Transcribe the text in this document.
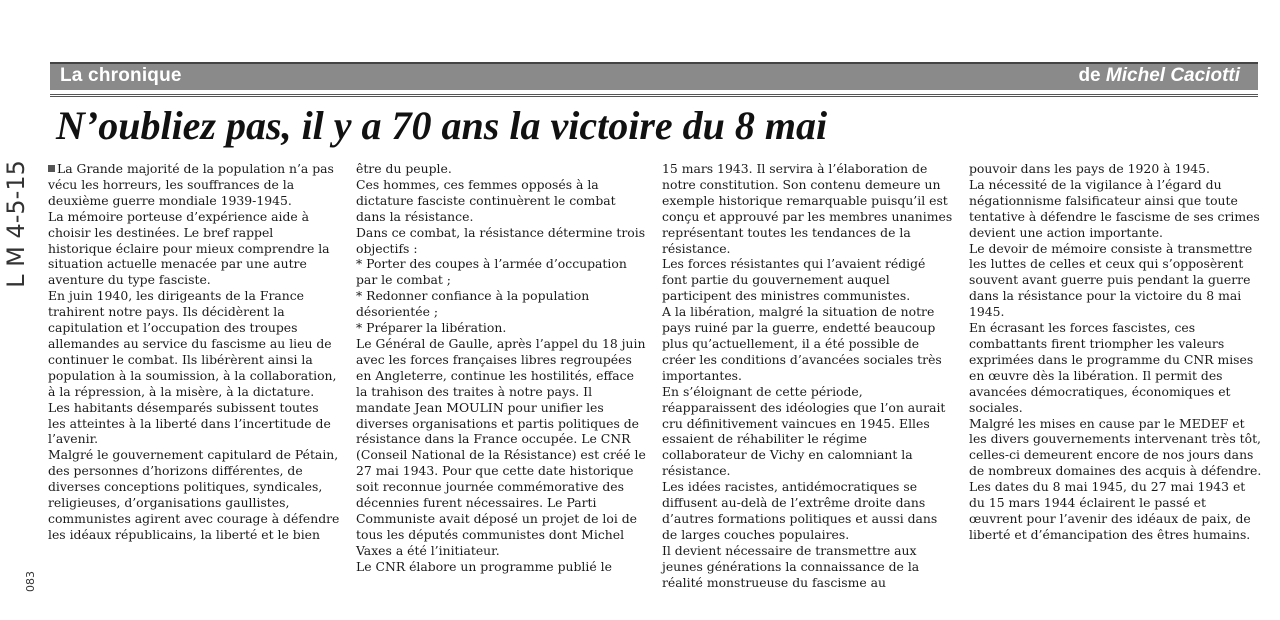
La chronique	de Michel Caciotti
N’oubliez pas, il y a 70 ans la victoire du 8 mai
L M 4-5-15	La Grande majorité de la population n’a pas vécu les horreurs, les souffrances de la deuxième guerre mondiale 1939-1945.

La mémoire porteuse d’expérience aide à choisir les destinées. Le bref rappel historique éclaire pour mieux comprendre la situation actuelle menacée par une autre aventure du type fasciste.

En juin 1940, les dirigeants de la France trahirent notre pays. Ils décidèrent la capitulation et l’occupation des troupes allemandes au service du fascisme au lieu de continuer le combat. Ils libérèrent ainsi la population à la soumission, à la collaboration, à la répression, à la misère, à la dictature.

Les habitants désemparés subissent toutes les atteintes à la liberté dans l’incertitude de l’avenir.

Malgré le gouvernement capitulard de Pétain, des personnes d’horizons différentes, de diverses conceptions politiques, syndicales, religieuses, d’organisations gaullistes, communistes agirent avec courage à défendre les idéaux républicains, la liberté et le bien

être du peuple.

Ces hommes, ces femmes opposés à la dictature fasciste continuèrent le combat dans la résistance.

Dans ce combat, la résistance détermine trois objectifs :

* Porter des coupes à l’armée d’occupation par le combat ;

* Redonner confiance à la population désorientée ;

* Préparer la libération.

Le Général de Gaulle, après l’appel du 18 juin avec les forces françaises libres regroupées en Angleterre, continue les hostilités, efface la trahison des traites à notre pays. Il mandate Jean MOULIN pour unifier les diverses organisations et partis politiques de résistance dans la France occupée. Le CNR (Conseil National de la Résistance) est créé le 27 mai 1943. Pour que cette date historique soit reconnue journée commémorative des décennies furent nécessaires. Le Parti Communiste avait déposé un projet de loi de tous les députés communistes dont Michel Vaxes a été l’initiateur.

Le CNR élabore un programme publié le

15 mars 1943. Il servira à l’élaboration de notre constitution. Son contenu demeure un exemple historique remarquable puisqu’il est conçu et approuvé par les membres unanimes représentant toutes les tendances de la résistance.

Les forces résistantes qui l’avaient rédigé font partie du gouvernement auquel participent des ministres communistes.

A la libération, malgré la situation de notre pays ruiné par la guerre, endetté beaucoup plus qu’actuellement, il a été possible de créer les conditions d’avancées sociales très importantes.

En s’éloignant de cette période, réapparaissent des idéologies que l’on aurait cru définitivement vaincues en 1945. Elles essaient de réhabiliter le régime collaborateur de Vichy en calomniant la résistance.

Les idées racistes, antidémocratiques se diffusent au-delà de l’extrême droite dans d’autres formations politiques et aussi dans de larges couches populaires.

Il devient nécessaire de transmettre aux jeunes générations la connaissance de la réalité monstrueuse du fascisme au

pouvoir dans les pays de 1920 à 1945.

La nécessité de la vigilance à l’égard du négationnisme falsificateur ainsi que toute tentative à défendre le fascisme de ses crimes devient une action importante.

Le devoir de mémoire consiste à transmettre les luttes de celles et ceux qui s’opposèrent souvent avant guerre puis pendant la guerre dans la résistance pour la victoire du 8 mai 1945.

En écrasant les forces fascistes, ces combattants firent triompher les valeurs exprimées dans le programme du CNR mises en œuvre dès la libération. Il permit des avancées démocratiques, économiques et sociales.

Malgré les mises en cause par le MEDEF et les divers gouvernements intervenant très tôt, celles-ci demeurent encore de nos jours dans de nombreux domaines des acquis à défendre.

Les dates du 8 mai 1945, du 27 mai 1943 et du 15 mars 1944 éclairent le passé et œuvrent pour l’avenir des idéaux de paix, de liberté et d’émancipation des êtres humains.

083
